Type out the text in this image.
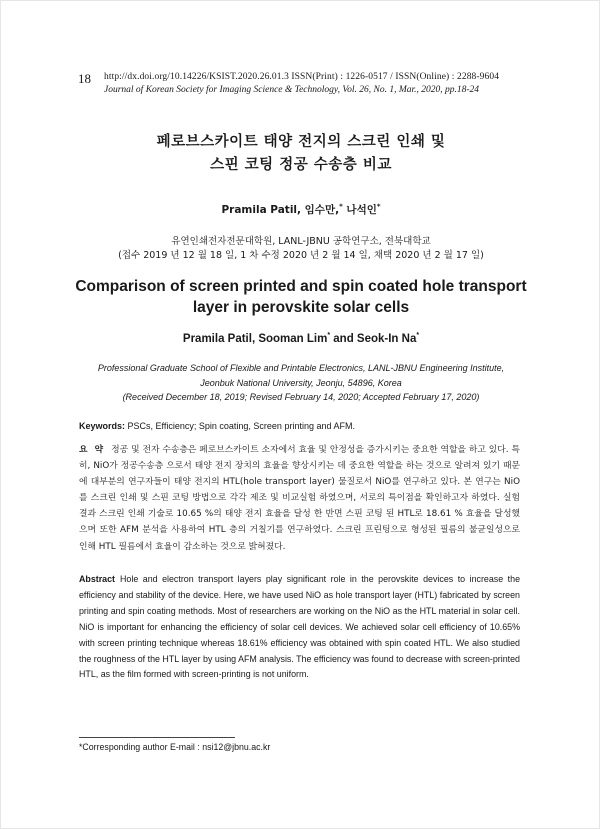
18 http://dx.doi.org/10.14226/KSIST.2020.26.01.3 ISSN(Print) : 1226-0517 / ISSN(Online) : 2288-9604
Journal of Korean Society for Imaging Science & Technology, Vol. 26, No. 1, Mar., 2020, pp.18-24
페로브스카이트 태양 전지의 스크린 인쇄 및
스핀 코팅 정공 수송층 비교
Pramila Patil, 임수만,* 나석인*
유연인쇄전자전문대학원, LANL-JBNU 공학연구소, 전북대학교
(접수 2019 년 12 월 18 일, 1 차 수정 2020 년 2 월 14 일, 채택 2020 년 2 월 17 일)
Comparison of screen printed and spin coated hole transport
layer in perovskite solar cells
Pramila Patil, Sooman Lim* and Seok-In Na*
Professional Graduate School of Flexible and Printable Electronics, LANL-JBNU Engineering Institute,
Jeonbuk National University, Jeonju, 54896, Korea
(Received December 18, 2019; Revised February 14, 2020; Accepted February 17, 2020)
Keywords: PSCs, Efficiency; Spin coating, Screen printing and AFM.
요 약 정공 및 전자 수송층은 페로브스카이트 소자에서 효율 및 안정성을 증가시키는 중요한 역할을 하고 있다. 특히, NiO가 정공수송층 으로서 태양 전지 장치의 효율을 향상시키는 데 중요한 역할을 하는 것으로 알려져 있기 때문에 대부분의 연구자들이 태양 전지의 HTL(hole transport layer) 물질로서 NiO를 연구하고 있다. 본 연구는 NiO를 스크린 인쇄 및 스핀 코팅 방법으로 각각 제조 및 비교실험 하였으며, 서로의 특이점을 확인하고자 하였다. 실험결과 스크린 인쇄 기술로 10.65 %의 태양 전지 효율을 달성 한 반면 스핀 코팅 된 HTL로 18.61 % 효율을 달성했으며 또한 AFM 분석을 사용하여 HTL 층의 거칠기를 연구하였다. 스크린 프린팅으로 형성된 필름의 불균일성으로 인해 HTL 필름에서 효율이 감소하는 것으로 밝혀졌다.
Abstract Hole and electron transport layers play significant role in the perovskite devices to increase the efficiency and stability of the device. Here, we have used NiO as hole transport layer (HTL) fabricated by screen printing and spin coating methods. Most of researchers are working on the NiO as the HTL material in solar cell. NiO is important for enhancing the efficiency of solar cell devices. We achieved solar cell efficiency of 10.65% with screen printing technique whereas 18.61% efficiency was obtained with spin coated HTL. We also studied the roughness of the HTL layer by using AFM analysis. The efficiency was found to decrease with screen-printed HTL, as the film formed with screen-printing is not uniform.
*Corresponding author E-mail : nsi12@jbnu.ac.kr
